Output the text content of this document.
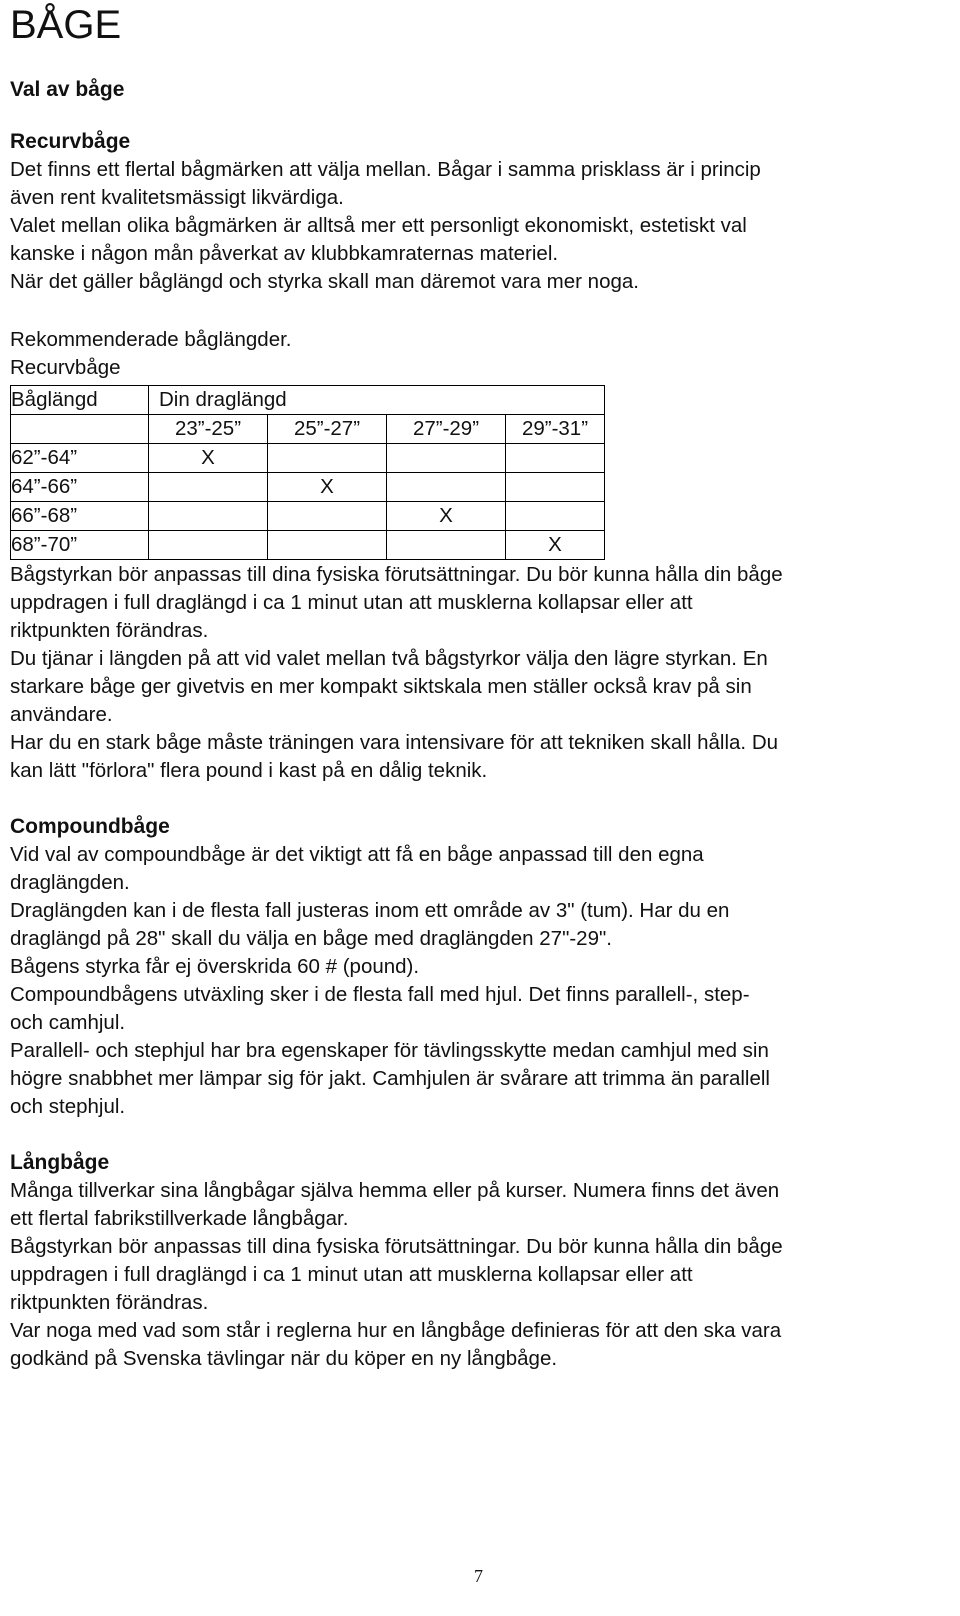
BÅGE

Val av båge

Recurvbåge

Det finns ett flertal bågmärken att välja mellan. Bågar i samma prisklass är i princip

även rent kvalitetsmässigt likvärdiga.

Valet mellan olika bågmärken är alltså mer ett personligt ekonomiskt, estetiskt val

kanske i någon mån påverkat av klubbkamraternas materiel.

När det gäller båglängd och styrka skall man däremot vara mer noga.

Rekommenderade båglängder.

Recurvbåge

Båglängd	Din draglängd			
	23”-25”	25”-27”	27”-29”	29”-31”
62”-64”	X			
64”-66”		X		
66”-68”			X	
68”-70”				X

Bågstyrkan bör anpassas till dina fysiska förutsättningar. Du bör kunna hålla din båge

uppdragen i full draglängd i ca 1 minut utan att musklerna kollapsar eller att

riktpunkten förändras.

Du tjänar i längden på att vid valet mellan två bågstyrkor välja den lägre styrkan. En

starkare båge ger givetvis en mer kompakt siktskala men ställer också krav på sin

användare.

Har du en stark båge måste träningen vara intensivare för att tekniken skall hålla. Du

kan lätt "förlora" flera pound i kast på en dålig teknik.

Compoundbåge

Vid val av compoundbåge är det viktigt att få en båge anpassad till den egna

draglängden.

Draglängden kan i de flesta fall justeras inom ett område av 3" (tum). Har du en

draglängd på 28" skall du välja en båge med draglängden 27"-29".

Bågens styrka får ej överskrida 60 # (pound).

Compoundbågens utväxling sker i de flesta fall med hjul. Det finns parallell-, step-

och camhjul.

Parallell- och stephjul har bra egenskaper för tävlingsskytte medan camhjul med sin

högre snabbhet mer lämpar sig för jakt. Camhjulen är svårare att trimma än parallell

och stephjul.

Långbåge

Många tillverkar sina långbågar själva hemma eller på kurser. Numera finns det även

ett flertal fabrikstillverkade långbågar.

Bågstyrkan bör anpassas till dina fysiska förutsättningar. Du bör kunna hålla din båge

uppdragen i full draglängd i ca 1 minut utan att musklerna kollapsar eller att

riktpunkten förändras.

Var noga med vad som står i reglerna hur en långbåge definieras för att den ska vara

godkänd på Svenska tävlingar när du köper en ny långbåge.

7
